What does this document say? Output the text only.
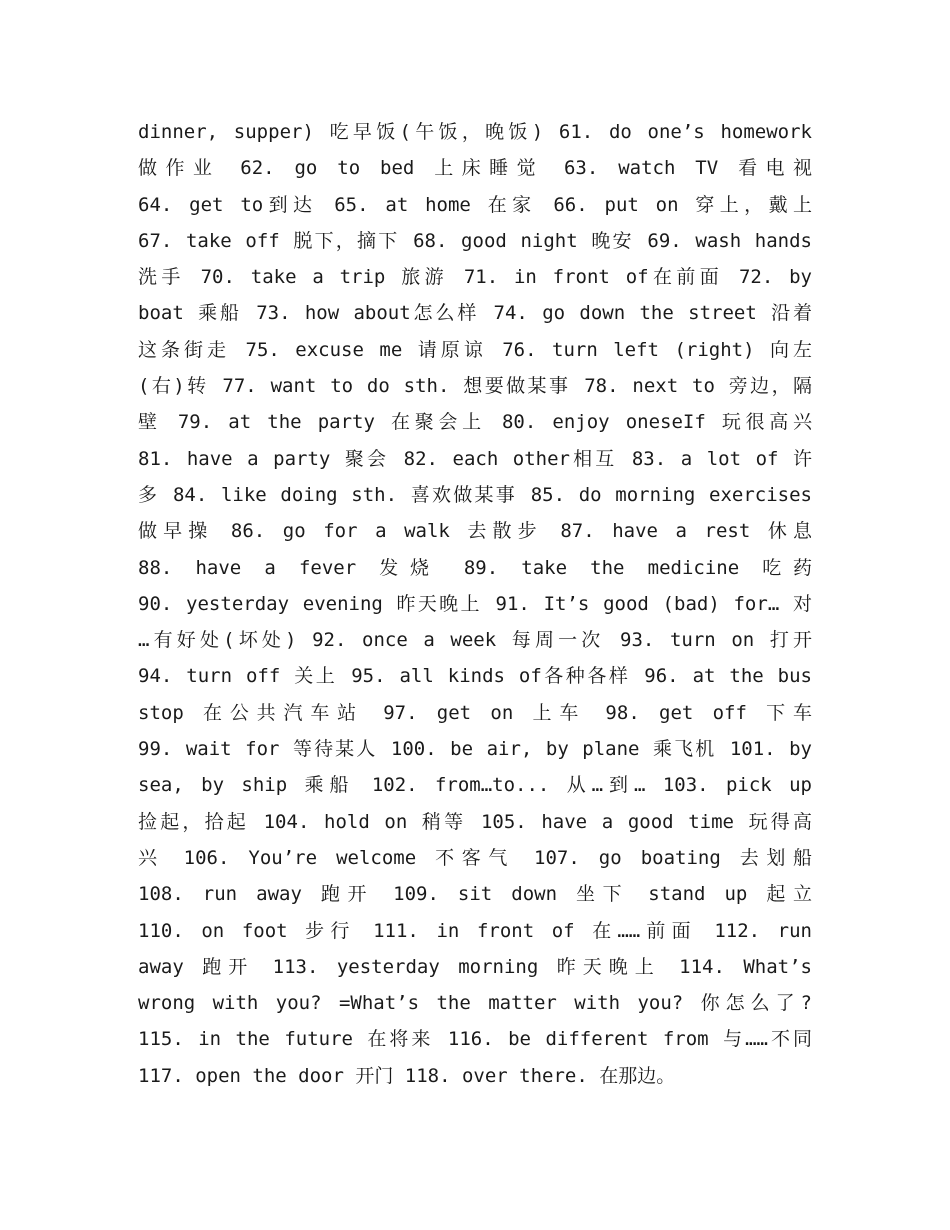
dinner, supper) 吃早饭(午饭，晚饭) 61. do one’s homework
做作业 62. go to bed 上床睡觉 63. watch TV 看电视
64. get to到达 65. at home 在家 66. put on 穿上，戴上
67. take off 脱下，摘下 68. good night 晚安 69. wash hands
洗手 70. take a trip 旅游 71. in front of在前面 72. by
boat 乘船 73. how about怎么样 74. go down the street 沿着
这条街走 75. excuse me 请原谅 76. turn left (right) 向左
(右)转 77. want to do sth. 想要做某事 78. next to 旁边，隔
壁 79. at the party 在聚会上 80. enjoy oneseIf 玩很高兴
81. have a party 聚会 82. each other相互 83. a lot of 许
多 84. like doing sth. 喜欢做某事 85. do morning exercises
做早操 86. go for a walk 去散步 87. have a rest 休息
88. have a fever 发烧 89. take the medicine 吃药
90. yesterday evening 昨天晚上 91. It’s good (bad) for… 对
…有好处(坏处) 92. once a week 每周一次 93. turn on 打开
94. turn off 关上 95. all kinds of各种各样 96. at the bus
stop 在公共汽车站 97. get on 上车 98. get off 下车
99. wait for 等待某人 100. be air, by plane 乘飞机 101. by
sea, by ship 乘船 102. from…to... 从…到… 103. pick up
捡起，拾起 104. hold on 稍等 105. have a good time 玩得高
兴 106. You’re welcome 不客气 107. go boating 去划船
108. run away 跑开 109. sit down 坐下 stand up 起立
110. on foot 步行 111. in front of 在……前面 112. run
away 跑开 113. yesterday morning 昨天晚上 114. What’s
wrong with you? =What’s the matter with you? 你怎么了?
115. in the future 在将来 116. be different from 与……不同
117. open the door 开门 118. over there. 在那边。
